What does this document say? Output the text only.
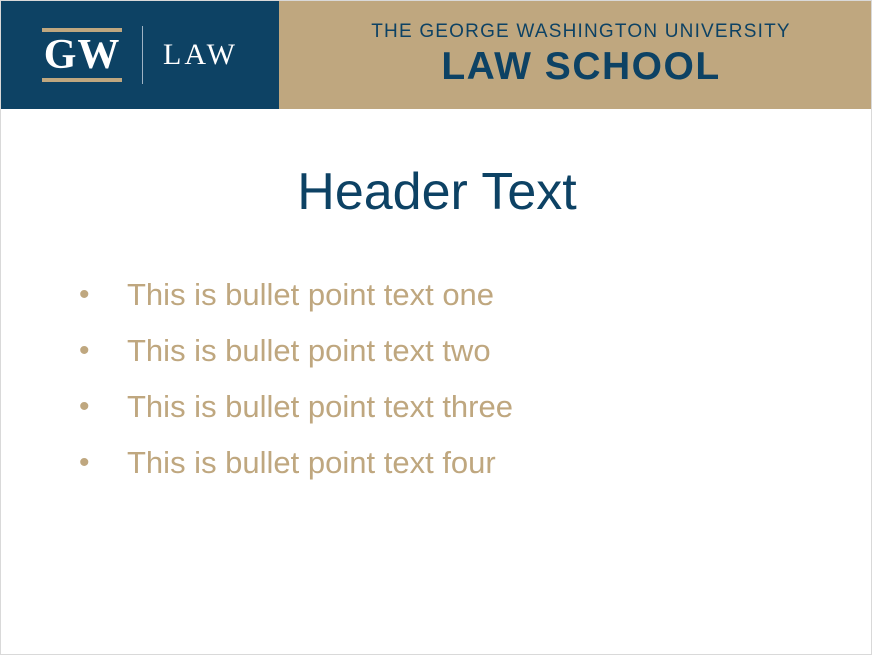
GW LAW
THE GEORGE WASHINGTON UNIVERSITY
LAW SCHOOL
Header Text
•	This is bullet point text one
•	This is bullet point text two
•	This is bullet point text three
•	This is bullet point text four
